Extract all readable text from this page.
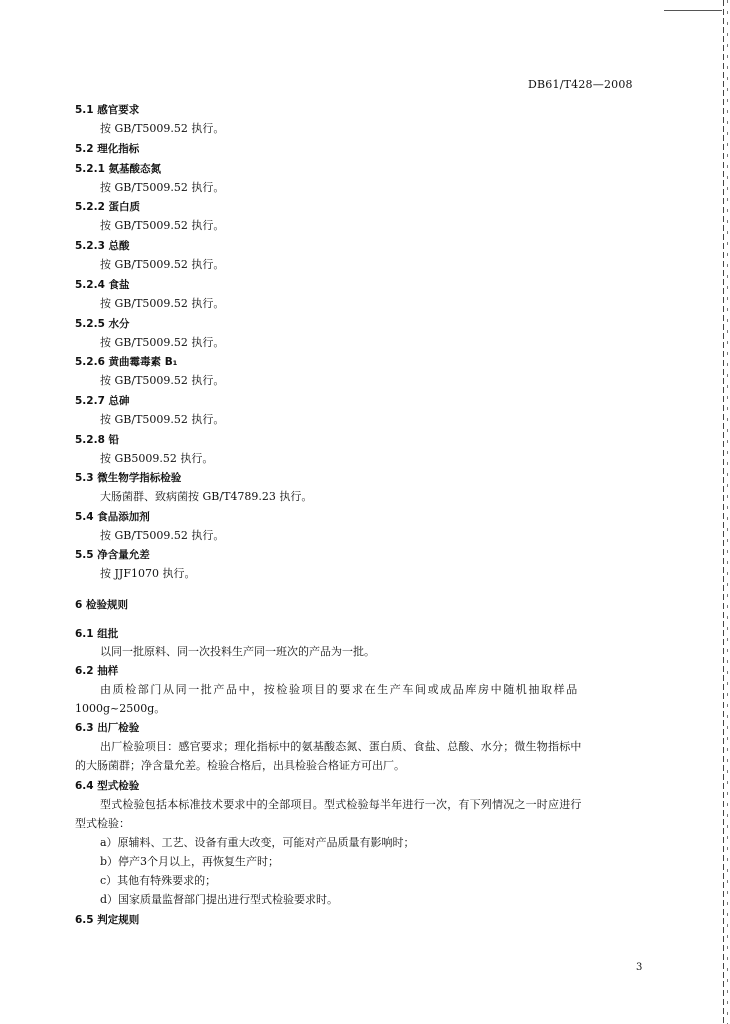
DB61/T428—2008
5.1 感官要求
按 GB/T5009.52 执行。
5.2 理化指标
5.2.1 氨基酸态氮
按 GB/T5009.52 执行。
5.2.2 蛋白质
按 GB/T5009.52 执行。
5.2.3 总酸
按 GB/T5009.52 执行。
5.2.4 食盐
按 GB/T5009.52 执行。
5.2.5 水分
按 GB/T5009.52 执行。
5.2.6 黄曲霉毒素 B₁
按 GB/T5009.52 执行。
5.2.7 总砷
按 GB/T5009.52 执行。
5.2.8 铅
按 GB5009.52 执行。
5.3 微生物学指标检验
大肠菌群、致病菌按 GB/T4789.23 执行。
5.4 食品添加剂
按 GB/T5009.52 执行。
5.5 净含量允差
按 JJF1070 执行。
6 检验规则
6.1 组批
以同一批原料、同一次投料生产同一班次的产品为一批。
6.2 抽样
由质检部门从同一批产品中，按检验项目的要求在生产车间或成品库房中随机抽取样品
1000g~2500g。
6.3 出厂检验
出厂检验项目：感官要求；理化指标中的氨基酸态氮、蛋白质、食盐、总酸、水分；微生物指标中
的大肠菌群；净含量允差。检验合格后，出具检验合格证方可出厂。
6.4 型式检验
型式检验包括本标准技术要求中的全部项目。型式检验每半年进行一次，有下列情况之一时应进行
型式检验：
a）原辅料、工艺、设备有重大改变，可能对产品质量有影响时；
b）停产3个月以上，再恢复生产时；
c）其他有特殊要求的；
d）国家质量监督部门提出进行型式检验要求时。
6.5 判定规则
3
